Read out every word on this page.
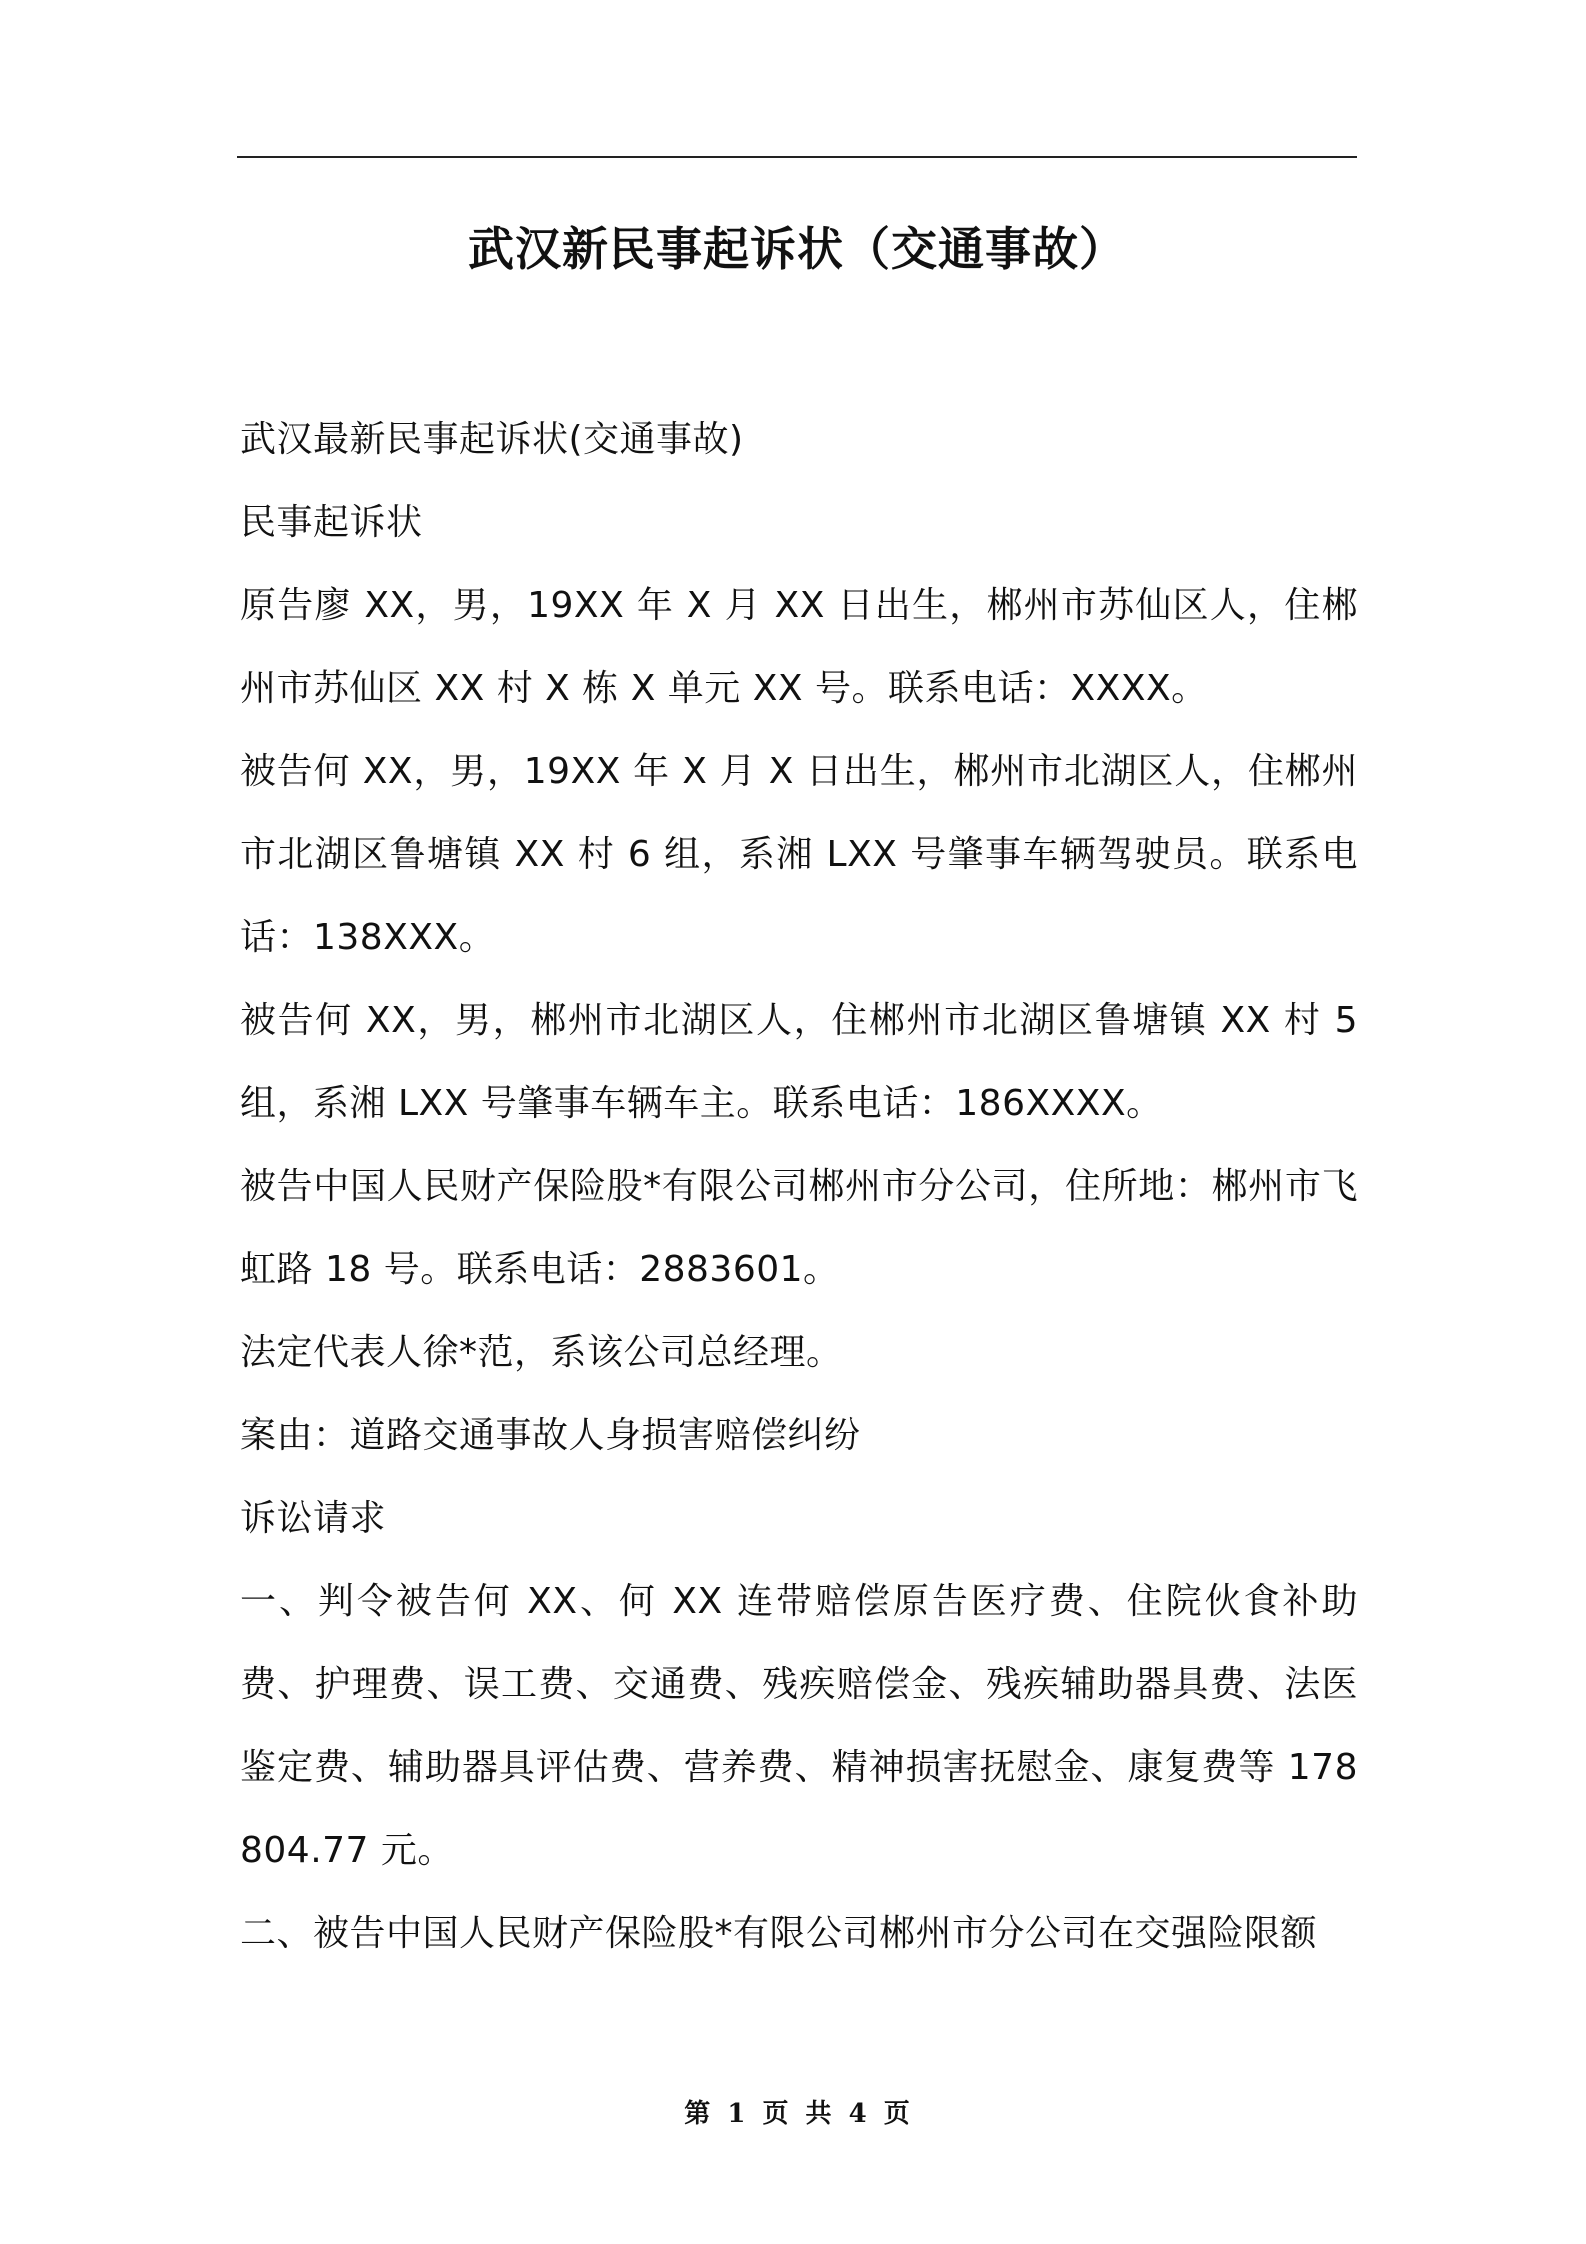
武汉新民事起诉状（交通事故）

武汉最新民事起诉状(交通事故)

民事起诉状

原告廖 XX，男，19XX 年 X 月 XX 日出生，郴州市苏仙区人，住郴州市苏仙区 XX 村 X 栋 X 单元 XX 号。联系电话：XXXX。

被告何 XX，男，19XX 年 X 月 X 日出生，郴州市北湖区人，住郴州市北湖区鲁塘镇 XX 村 6 组，系湘 LXX 号肇事车辆驾驶员。联系电话：138XXX。

被告何 XX，男，郴州市北湖区人，住郴州市北湖区鲁塘镇 XX 村 5 组，系湘 LXX 号肇事车辆车主。联系电话：186XXXX。

被告中国人民财产保险股*有限公司郴州市分公司，住所地：郴州市飞虹路 18 号。联系电话：2883601。

法定代表人徐*范，系该公司总经理。

案由：道路交通事故人身损害赔偿纠纷

诉讼请求

一、判令被告何 XX、何 XX 连带赔偿原告医疗费、住院伙食补助费、护理费、误工费、交通费、残疾赔偿金、残疾辅助器具费、法医鉴定费、辅助器具评估费、营养费、精神损害抚慰金、康复费等 178804.77 元。

二、被告中国人民财产保险股*有限公司郴州市分公司在交强险限额

第 1 页 共 4 页
